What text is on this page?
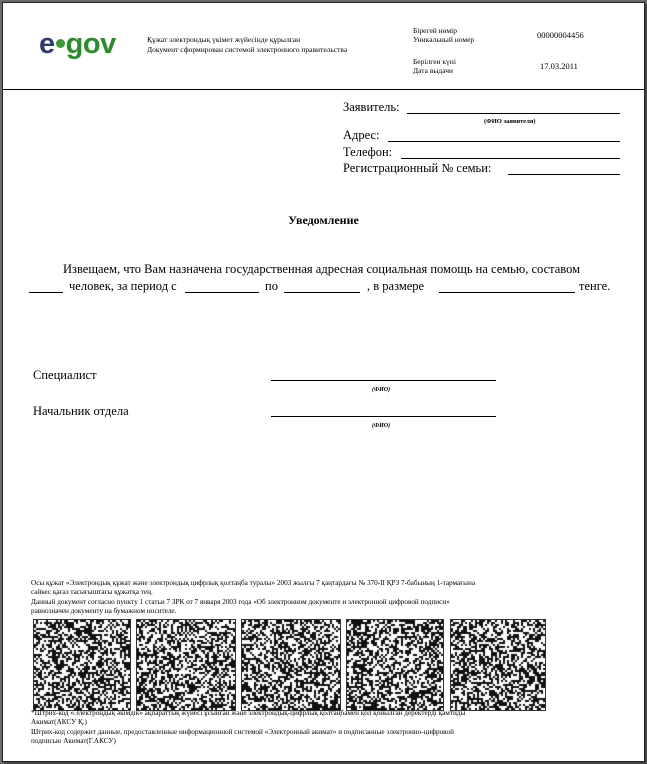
e gov	Құжат электрондық үкімет жүйесінде құрылған
Документ сформирован системой электронного правительства
Бірегей нөмір
Уникальный номер	00000004456
Берілген күні
Дата выдачи	17.03.2011
Заявитель:
(ФИО заявителя)
Адрес:
Телефон:
Регистрационный № семьи:
Уведомление
Извещаем, что Вам назначена государственная адресная социальная помощь на семью, составом
человек, за период с	по	, в размере	тенге.
Специалист
(ФИО)
Начальник отдела
(ФИО)
Осы құжат «Электрондық құжат және электрондық цифрлық қолтаңба туралы» 2003 жылғы 7 қаңтардағы № 370-II ҚРЗ 7-бабының 1-тармағына
сәйкес қағаз тасығыштағы құжатқа тең.
Данный документ согласно пункту 1 статьи 7 ЗРК от 7 января 2003 года «Об электронном документе и электронной цифровой подписи»
равнозначен документу на бумажном носителе.
*Штрих-код «Электрондық әкімдік» ақпараттық жүйесі ұсынған және электрондық-цифрлық қолтаңбамен қол қойылған деректерді қамтиды
Акимат(АКСУ Қ.)
Штрих-код содержит данные, предоставленные информационной системой «Электронный акимат» и подписанные электронно-цифровой
подписью Акимат(Г.АКСУ)
